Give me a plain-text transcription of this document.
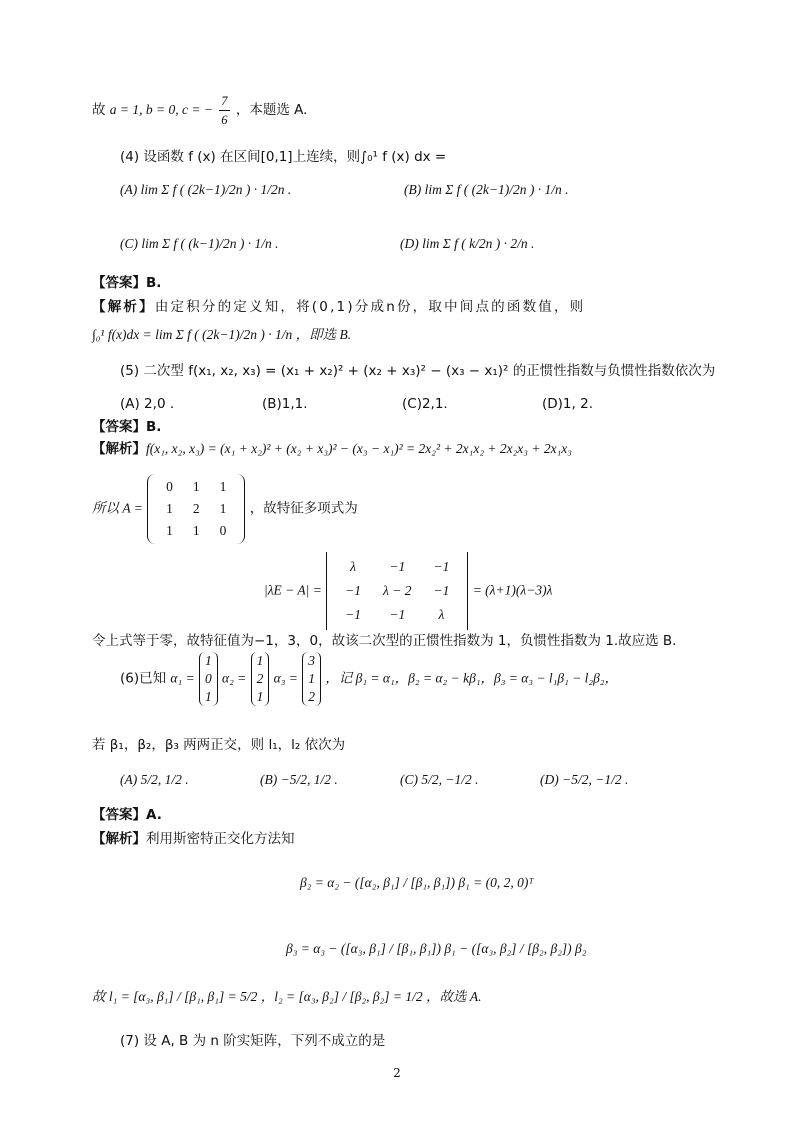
故 a = 1, b = 0, c = − $\frac{7}{6}$ ，本题选 A.
(4) 设函数 f (x) 在区间[0,1]上连续，则∫₀¹ f (x) dx =
(A) lim Σ f ( (2k−1)/2n ) · 1/2n .	(B) lim Σ f ( (2k−1)/2n ) · 1/n .
(C) lim Σ f ( (k−1)/2n ) · 1/n .	(D) lim Σ f ( k/2n ) · 2/n .
【答案】B.
【解析】由定积分的定义知，将(0,1)分成n份，取中间点的函数值，则
∫₀¹ f(x)dx = lim Σ f ( (2k−1)/2n ) · 1/n ，即选 B.
(5) 二次型 f(x₁, x₂, x₃) = (x₁ + x₂)² + (x₂ + x₃)² − (x₃ − x₁)² 的正惯性指数与负惯性指数依次为
(A) 2,0 .	(B)1,1.	(C)2,1.	(D)1, 2.
【答案】B.
【解析】f(x₁, x₂, x₃) = (x₁ + x₂)² + (x₂ + x₃)² − (x₃ − x₁)² = 2x₂² + 2x₁x₂ + 2x₂x₃ + 2x₁x₃
所以 A =
0	1	1
1	2	1
1	1	0
，故特征多项式为
|λE − A| =
λ	−1	−1
−1	λ − 2	−1
−1	−1	λ
= (λ+1)(λ−3)λ
令上式等于零，故特征值为−1，3，0，故该二次型的正惯性指数为 1，负惯性指数为 1.故应选 B.
(6)已知 α₁ =
1
0
1
α₂ =
1
2
1
α₃ =
3
1
2
，记 β₁ = α₁，β₂ = α₂ − kβ₁，β₃ = α₃ − l₁β₁ − l₂β₂，
若 β₁，β₂，β₃ 两两正交，则 l₁，l₂ 依次为
(A) 5/2, 1/2 .	(B) −5/2, 1/2 .	(C) 5/2, −1/2 .	(D) −5/2, −1/2 .
【答案】A.
【解析】利用斯密特正交化方法知
β₂ = α₂ − ([α₂, β₁] / [β₁, β₁]) β₁ = (0, 2, 0)ᵀ
β₃ = α₃ − ([α₃, β₁] / [β₁, β₁]) β₁ − ([α₃, β₂] / [β₂, β₂]) β₂
故 l₁ = [α₃, β₁] / [β₁, β₁] = 5/2 ，l₂ = [α₃, β₂] / [β₂, β₂] = 1/2 ，故选 A.
(7) 设 A, B 为 n 阶实矩阵，下列不成立的是
2
